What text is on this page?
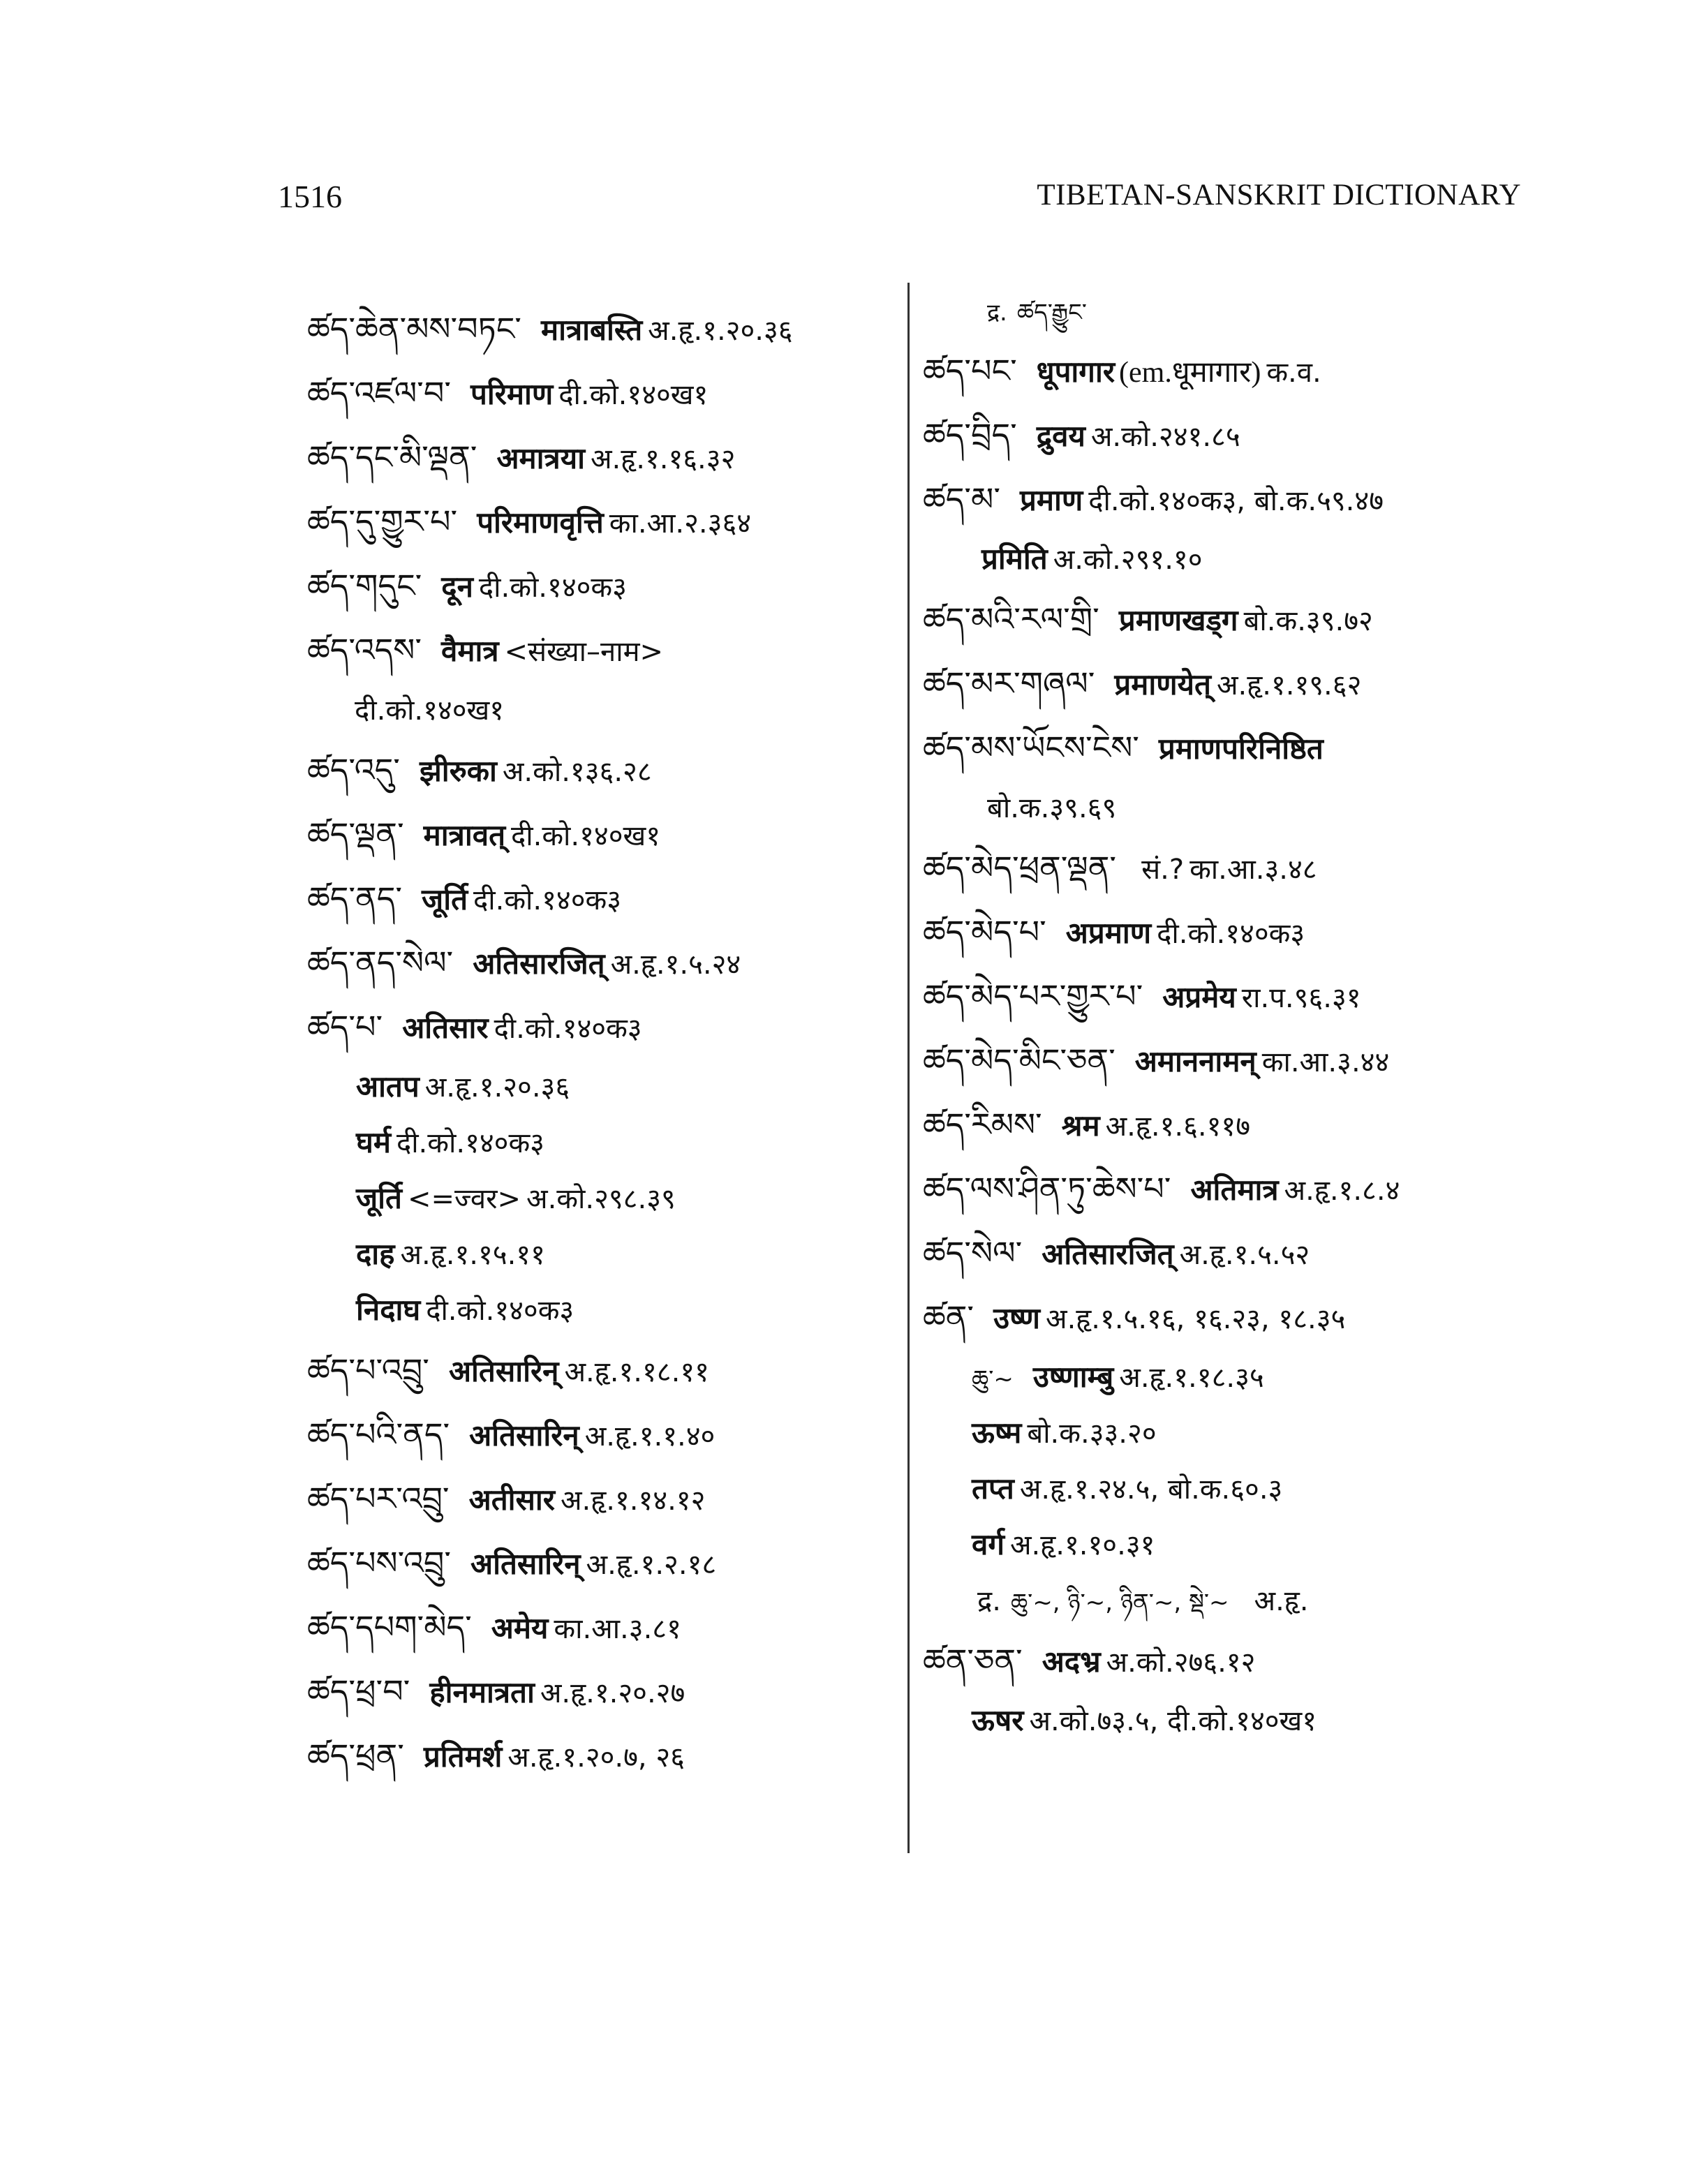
1516	TIBETAN-SANSKRIT DICTIONARY
ཚད་ཆེན་མས་བཏང་ मात्राबस्ति अ.हृ.१.२०.३६
ཚད་འཛལ་བ་ परिमाण दी.को.१४०ख१
ཚད་དང་མི་ལྡན་ अमात्रया अ.हृ.१.१६.३२
ཚད་དུ་གྱུར་པ་ परिमाणवृत्ति का.आ.२.३६४
ཚད་གདུང་ दून दी.को.१४०क३
ཚད་འདས་ वैमात्र <संख्या–नाम>
दी.को.१४०ख१
ཚད་འདུ་ झीरुका अ.को.१३६.२८
ཚད་ལྡན་ मात्रावत् दी.को.१४०ख१
ཚད་ནད་ जूर्ति दी.को.१४०क३
ཚད་ནད་སེལ་ अतिसारजित् अ.हृ.१.५.२४
ཚད་པ་ अतिसार दी.को.१४०क३
आतप अ.हृ.१.२०.३६
घर्म दी.को.१४०क३
जूर्ति <=ज्वर> अ.को.२९८.३९
दाह अ.हृ.१.१५.११
निदाघ दी.को.१४०क३
ཚད་པ་འབྲུ་ अतिसारिन् अ.हृ.१.१८.११
ཚད་པའི་ནད་ अतिसारिन् अ.हृ.१.१.४०
ཚད་པར་འབྲུ་ अतीसार अ.हृ.१.१४.१२
ཚད་པས་འབྲུ་ अतिसारिन् अ.हृ.१.२.१८
ཚད་དཔག་མེད་ अमेय का.आ.३.८१
ཚད་ཕྲ་བ་ हीनमात्रता अ.हृ.१.२०.२७
ཚད་ཕྲན་ प्रतिमर्श अ.हृ.१.२०.७, २६
द्र. ཚད་རྒྱུང་
ཚད་པང་ धूपागार (em.धूमागार) क.व.
ཚད་བྲིད་ द्रुवय अ.को.२४१.८५
ཚད་མ་ प्रमाण दी.को.१४०क३, बो.क.५९.४७
प्रमिति अ.को.२९१.१०
ཚད་མའི་རལ་གྲི་ प्रमाणखड्ग बो.क.३९.७२
ཚད་མར་གཞལ་ प्रमाणयेत् अ.हृ.१.१९.६२
ཚད་མས་ཡོངས་ངེས་ प्रमाणपरिनिष्ठित
बो.क.३९.६९
ཚད་མེད་ཕྲན་ལྡན་ सं.? का.आ.३.४८
ཚད་མེད་པ་ अप्रमाण दी.को.१४०क३
ཚད་མེད་པར་གྱུར་པ་ अप्रमेय रा.प.९६.३१
ཚད་མེད་མིང་ཅན་ अमाननामन् का.आ.३.४४
ཚད་རིམས་ श्रम अ.हृ.१.६.११७
ཚད་ལས་ཤིན་ཏུ་ཆེས་པ་ अतिमात्र अ.हृ.१.८.४
ཚད་སེལ་ अतिसारजित् अ.हृ.१.५.५२
ཚན་ उष्ण अ.हृ.१.५.१६, १६.२३, १८.३५
ཆུ་~ उष्णाम्बु अ.हृ.१.१८.३५
ऊष्म बो.क.३३.२०
तप्त अ.हृ.१.२४.५, बो.क.६०.३
वर्ग अ.हृ.१.१०.३१
द्र. ཆུ་~, ཉི་~, ཉིན་~, སྡེ་~ अ.हृ.
ཚན་ཅན་ अदभ्र अ.को.२७६.१२
ऊषर अ.को.७३.५, दी.को.१४०ख१
